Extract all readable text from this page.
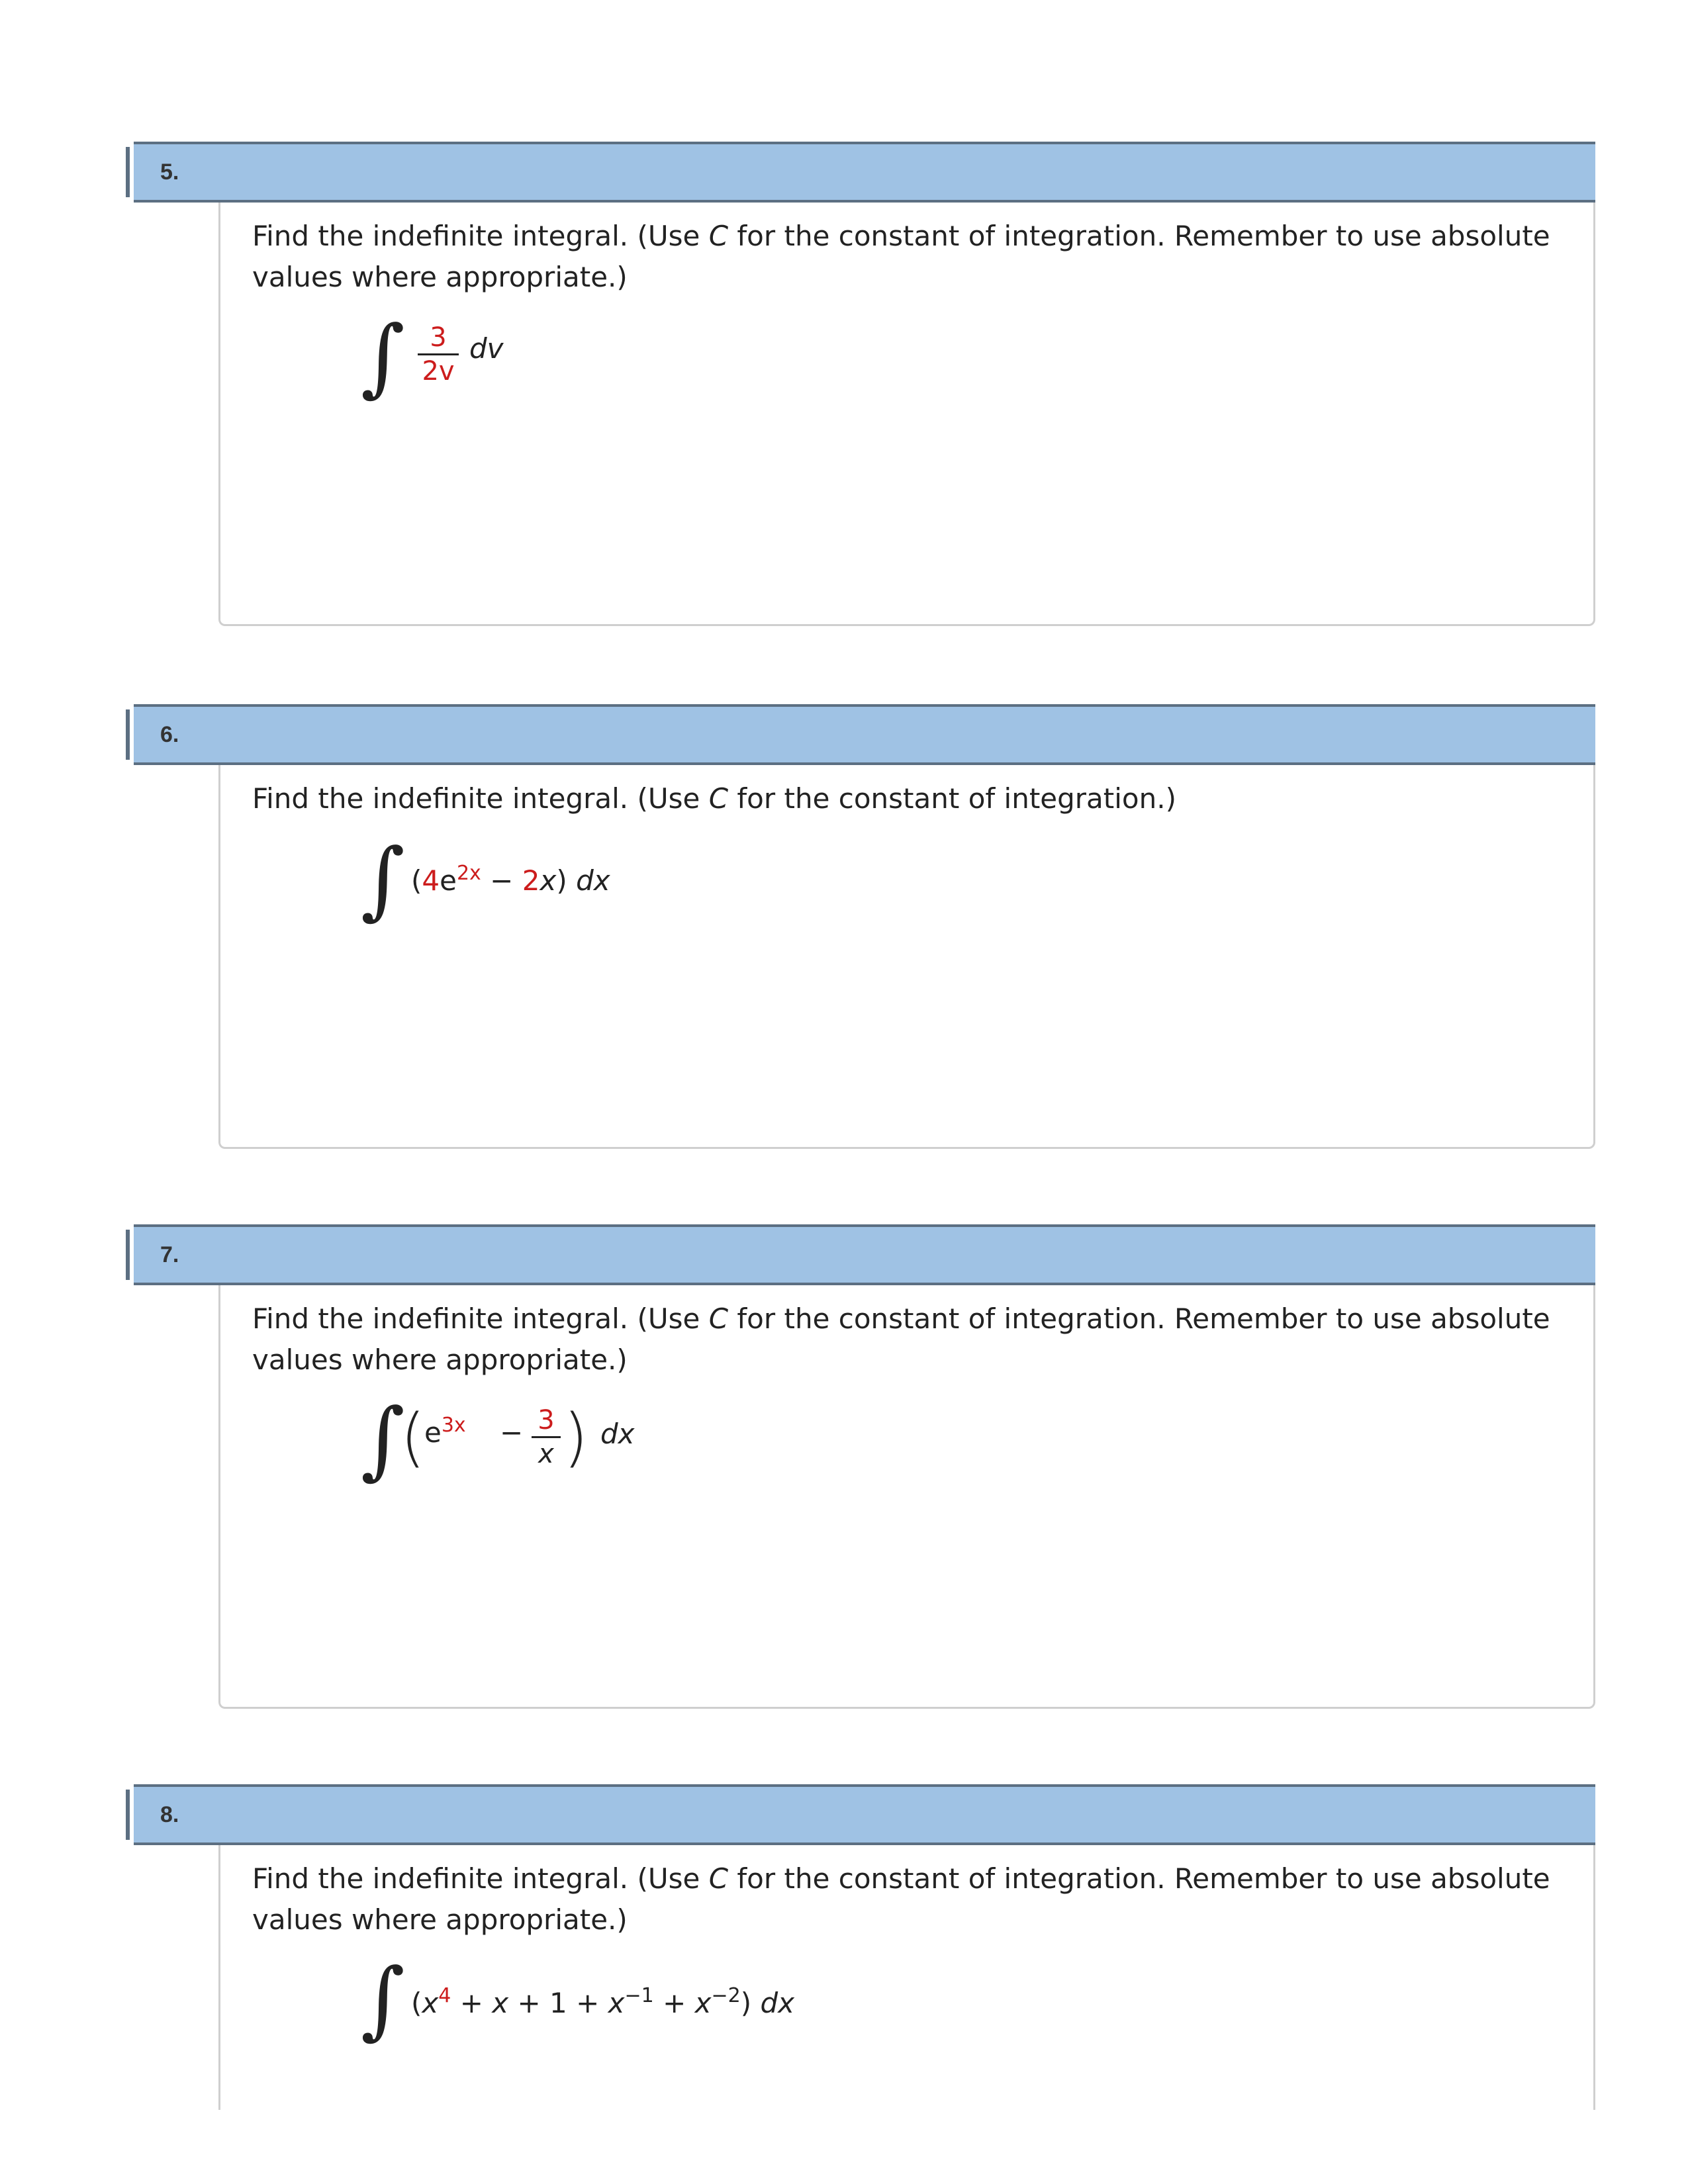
5.
Find the indefinite integral. (Use C for the constant of integration. Remember to use absolute values where appropriate.)
∫ 3
2v
dv
6.
Find the indefinite integral. (Use C for the constant of integration.)
∫ $(4e^{2x} - 2x)$ dx
7.
Find the indefinite integral. (Use C for the constant of integration. Remember to use absolute values where appropriate.)
∫
(
$e^{3x} - 3$
x ) dx
8.
Find the indefinite integral. (Use C for the constant of integration. Remember to use absolute values where appropriate.)
∫ $(x^4 + x + 1 + x^{-1} + x^{-2})$ dx
